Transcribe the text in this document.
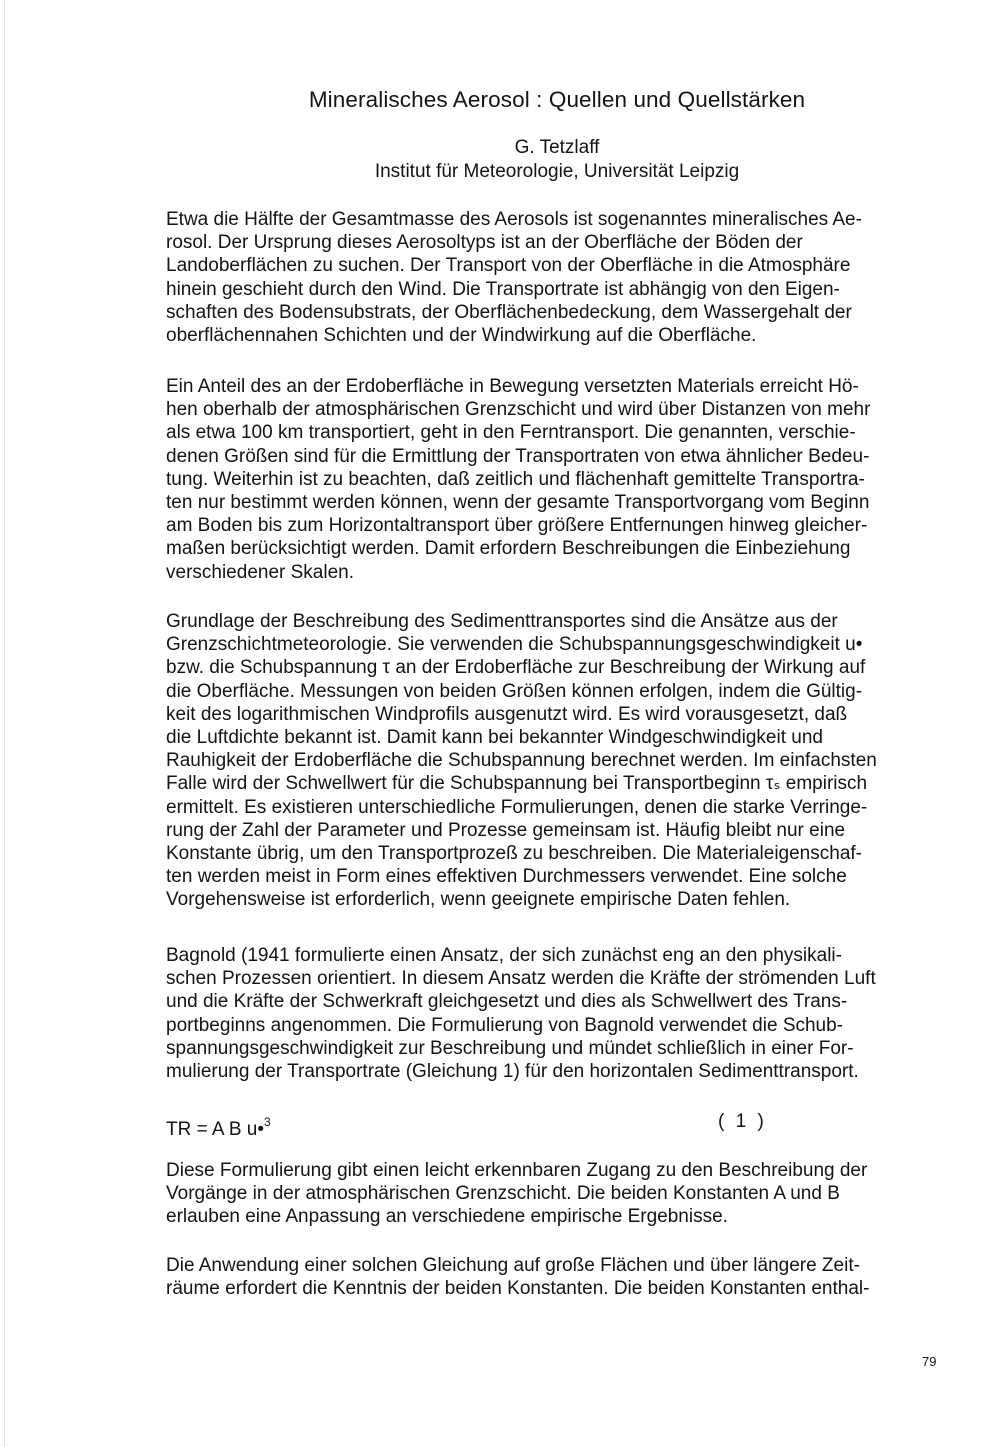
Mineralisches Aerosol : Quellen und Quellstärken
G. Tetzlaff
Institut für Meteorologie, Universität Leipzig
Etwa die Hälfte der Gesamtmasse des Aerosols ist sogenanntes mineralisches Ae-
rosol. Der Ursprung dieses Aerosoltyps ist an der Oberfläche der Böden der
Landoberflächen zu suchen. Der Transport von der Oberfläche in die Atmosphäre
hinein geschieht durch den Wind. Die Transportrate ist abhängig von den Eigen-
schaften des Bodensubstrats, der Oberflächenbedeckung, dem Wassergehalt der
oberflächennahen Schichten und der Windwirkung auf die Oberfläche.
Ein Anteil des an der Erdoberfläche in Bewegung versetzten Materials erreicht Hö-
hen oberhalb der atmosphärischen Grenzschicht und wird über Distanzen von mehr
als etwa 100 km transportiert, geht in den Ferntransport. Die genannten, verschie-
denen Größen sind für die Ermittlung der Transportraten von etwa ähnlicher Bedeu-
tung. Weiterhin ist zu beachten, daß zeitlich und flächenhaft gemittelte Transportra-
ten nur bestimmt werden können, wenn der gesamte Transportvorgang vom Beginn
am Boden bis zum Horizontaltransport über größere Entfernungen hinweg gleicher-
maßen berücksichtigt werden. Damit erfordern Beschreibungen die Einbeziehung
verschiedener Skalen.
Grundlage der Beschreibung des Sedimenttransportes sind die Ansätze aus der
Grenzschichtmeteorologie. Sie verwenden die Schubspannungsgeschwindigkeit u•
bzw. die Schubspannung τ an der Erdoberfläche zur Beschreibung der Wirkung auf
die Oberfläche. Messungen von beiden Größen können erfolgen, indem die Gültig-
keit des logarithmischen Windprofils ausgenutzt wird. Es wird vorausgesetzt, daß
die Luftdichte bekannt ist. Damit kann bei bekannter Windgeschwindigkeit und
Rauhigkeit der Erdoberfläche die Schubspannung berechnet werden. Im einfachsten
Falle wird der Schwellwert für die Schubspannung bei Transportbeginn τₛ empirisch
ermittelt. Es existieren unterschiedliche Formulierungen, denen die starke Verringe-
rung der Zahl der Parameter und Prozesse gemeinsam ist. Häufig bleibt nur eine
Konstante übrig, um den Transportprozeß zu beschreiben. Die Materialeigenschaf-
ten werden meist in Form eines effektiven Durchmessers verwendet. Eine solche
Vorgehensweise ist erforderlich, wenn geeignete empirische Daten fehlen.
Bagnold (1941 formulierte einen Ansatz, der sich zunächst eng an den physikali-
schen Prozessen orientiert. In diesem Ansatz werden die Kräfte der strömenden Luft
und die Kräfte der Schwerkraft gleichgesetzt und dies als Schwellwert des Trans-
portbeginns angenommen. Die Formulierung von Bagnold verwendet die Schub-
spannungsgeschwindigkeit zur Beschreibung und mündet schließlich in einer For-
mulierung der Transportrate (Gleichung 1) für den horizontalen Sedimenttransport.
TR = A B u•$^3$	( 1 )
Diese Formulierung gibt einen leicht erkennbaren Zugang zu den Beschreibung der
Vorgänge in der atmosphärischen Grenzschicht. Die beiden Konstanten A und B
erlauben eine Anpassung an verschiedene empirische Ergebnisse.
Die Anwendung einer solchen Gleichung auf große Flächen und über längere Zeit-
räume erfordert die Kenntnis der beiden Konstanten. Die beiden Konstanten enthal-
79
